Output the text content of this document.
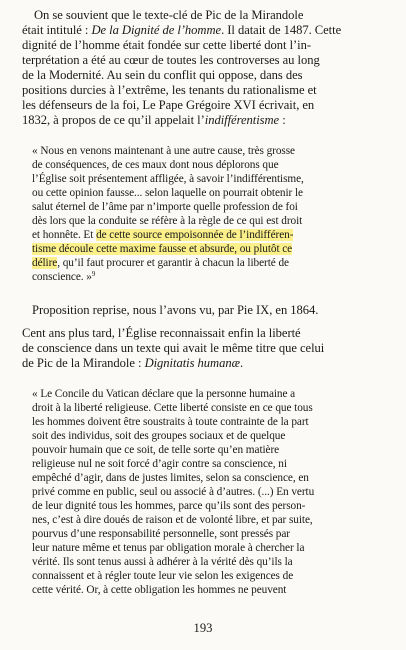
On se souvient que le texte-clé de Pic de la Mirandole
était intitulé : De la Dignité de l’homme. Il datait de 1487. Cette
dignité de l’homme était fondée sur cette liberté dont l’in-
terprétation a été au cœur de toutes les controverses au long
de la Modernité. Au sein du conflit qui oppose, dans des
positions durcies à l’extrême, les tenants du rationalisme et
les défenseurs de la foi, Le Pape Grégoire XVI écrivait, en
1832, à propos de ce qu’il appelait l’indifférentisme :
« Nous en venons maintenant à une autre cause, très grosse
de conséquences, de ces maux dont nous déplorons que
l’Église soit présentement affligée, à savoir l’indifférentisme,
ou cette opinion fausse... selon laquelle on pourrait obtenir le
salut éternel de l’âme par n’importe quelle profession de foi
dès lors que la conduite se réfère à la règle de ce qui est droit
et honnête. Et de cette source empoisonnée de l’indifféren-
tisme découle cette maxime fausse et absurde, ou plutôt ce
délire, qu’il faut procurer et garantir à chacun la liberté de
conscience. »$^9$
Proposition reprise, nous l’avons vu, par Pie IX, en 1864.
Cent ans plus tard, l’Église reconnaissait enfin la liberté
de conscience dans un texte qui avait le même titre que celui
de Pic de la Mirandole : Dignitatis humanæ.
« Le Concile du Vatican déclare que la personne humaine a
droit à la liberté religieuse. Cette liberté consiste en ce que tous
les hommes doivent être soustraits à toute contrainte de la part
soit des individus, soit des groupes sociaux et de quelque
pouvoir humain que ce soit, de telle sorte qu’en matière
religieuse nul ne soit forcé d’agir contre sa conscience, ni
empêché d’agir, dans de justes limites, selon sa conscience, en
privé comme en public, seul ou associé à d’autres. (...) En vertu
de leur dignité tous les hommes, parce qu’ils sont des person-
nes, c’est à dire doués de raison et de volonté libre, et par suite,
pourvus d’une responsabilité personnelle, sont pressés par
leur nature même et tenus par obligation morale à chercher la
vérité. Ils sont tenus aussi à adhérer à la vérité dès qu’ils la
connaissent et à régler toute leur vie selon les exigences de
cette vérité. Or, à cette obligation les hommes ne peuvent
193
